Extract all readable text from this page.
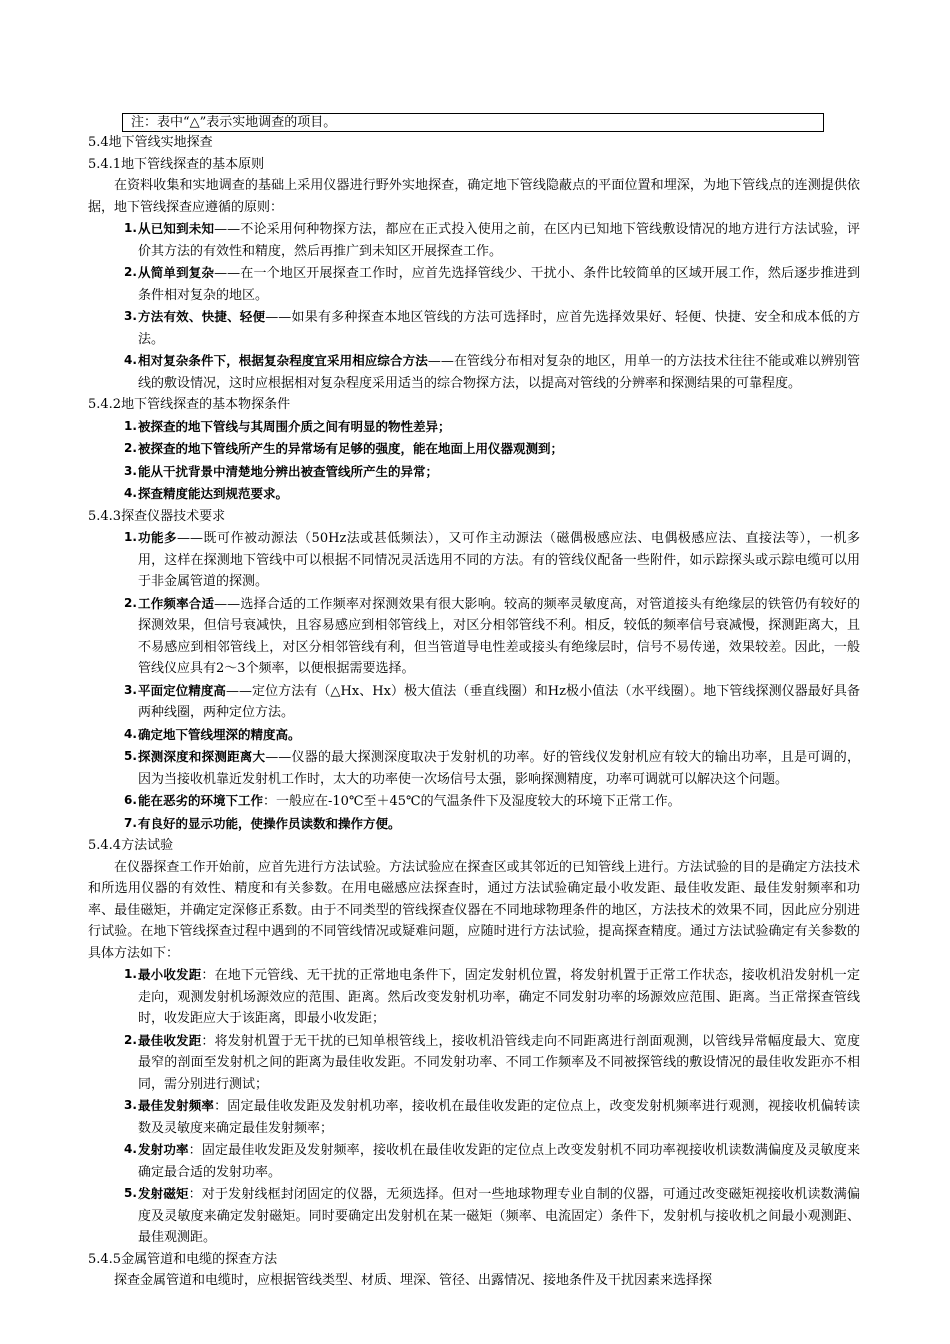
注：表中“△”表示实地调查的项目。
5.4地下管线实地探查
5.4.1地下管线探查的基本原则
在资料收集和实地调查的基础上采用仪器进行野外实地探查，确定地下管线隐蔽点的平面位置和埋深，为地下管线点的连测提供依据，地下管线探查应遵循的原则：
1. 从已知到未知——不论采用何种物探方法，都应在正式投入使用之前，在区内已知地下管线敷设情况的地方进行方法试验，评价其方法的有效性和精度，然后再推广到未知区开展探查工作。
2. 从简单到复杂——在一个地区开展探查工作时，应首先选择管线少、干扰小、条件比较简单的区域开展工作，然后逐步推进到条件相对复杂的地区。
3. 方法有效、快捷、轻便——如果有多种探查本地区管线的方法可选择时，应首先选择效果好、轻便、快捷、安全和成本低的方法。
4. 相对复杂条件下，根据复杂程度宜采用相应综合方法——在管线分布相对复杂的地区，用单一的方法技术往往不能或难以辨别管线的敷设情况，这时应根据相对复杂程度采用适当的综合物探方法，以提高对管线的分辨率和探测结果的可靠程度。
5.4.2地下管线探查的基本物探条件
1. 被探查的地下管线与其周围介质之间有明显的物性差异；
2. 被探查的地下管线所产生的异常场有足够的强度，能在地面上用仪器观测到；
3. 能从干扰背景中清楚地分辨出被查管线所产生的异常；
4. 探查精度能达到规范要求。
5.4.3探查仪器技术要求
1. 功能多——既可作被动源法（50Hz法或甚低频法），又可作主动源法（磁偶极感应法、电偶极感应法、直接法等），一机多用，这样在探测地下管线中可以根据不同情况灵活选用不同的方法。有的管线仪配备一些附件，如示踪探头或示踪电缆可以用于非金属管道的探测。
2. 工作频率合适——选择合适的工作频率对探测效果有很大影响。较高的频率灵敏度高，对管道接头有绝缘层的铁管仍有较好的探测效果，但信号衰减快，且容易感应到相邻管线上，对区分相邻管线不利。相反，较低的频率信号衰减慢，探测距离大，且不易感应到相邻管线上，对区分相邻管线有利，但当管道导电性差或接头有绝缘层时，信号不易传递，效果较差。因此，一般管线仪应具有2～3个频率，以便根据需要选择。
3. 平面定位精度高——定位方法有（△Hx、Hx）极大值法（垂直线圈）和Hz极小值法（水平线圈）。地下管线探测仪器最好具备两种线圈，两种定位方法。
4. 确定地下管线埋深的精度高。
5. 探测深度和探测距离大——仪器的最大探测深度取决于发射机的功率。好的管线仪发射机应有较大的输出功率，且是可调的，因为当接收机靠近发射机工作时，太大的功率使一次场信号太强，影响探测精度，功率可调就可以解决这个问题。
6. 能在恶劣的环境下工作：一般应在-10℃至＋45℃的气温条件下及湿度较大的环境下正常工作。
7. 有良好的显示功能，使操作员读数和操作方便。
5.4.4方法试验
在仪器探查工作开始前，应首先进行方法试验。方法试验应在探查区或其邻近的已知管线上进行。方法试验的目的是确定方法技术和所选用仪器的有效性、精度和有关参数。在用电磁感应法探查时，通过方法试验确定最小收发距、最佳收发距、最佳发射频率和功率、最佳磁矩，并确定定深修正系数。由于不同类型的管线探查仪器在不同地球物理条件的地区，方法技术的效果不同，因此应分别进行试验。在地下管线探查过程中遇到的不同管线情况或疑难问题，应随时进行方法试验，提高探查精度。通过方法试验确定有关参数的具体方法如下：
1. 最小收发距：在地下元管线、无干扰的正常地电条件下，固定发射机位置，将发射机置于正常工作状态，接收机沿发射机一定走向，观测发射机场源效应的范围、距离。然后改变发射机功率，确定不同发射功率的场源效应范围、距离。当正常探查管线时，收发距应大于该距离，即最小收发距；
2. 最佳收发距：将发射机置于无干扰的已知单根管线上，接收机沿管线走向不同距离进行剖面观测，以管线异常幅度最大、宽度最窄的剖面至发射机之间的距离为最佳收发距。不同发射功率、不同工作频率及不同被探管线的敷设情况的最佳收发距亦不相同，需分别进行测试；
3. 最佳发射频率：固定最佳收发距及发射机功率，接收机在最佳收发距的定位点上，改变发射机频率进行观测，视接收机偏转读数及灵敏度来确定最佳发射频率；
4. 发射功率：固定最佳收发距及发射频率，接收机在最佳收发距的定位点上改变发射机不同功率视接收机读数满偏度及灵敏度来确定最合适的发射功率。
5. 发射磁矩：对于发射线框封闭固定的仪器，无须选择。但对一些地球物理专业自制的仪器，可通过改变磁矩视接收机读数满偏度及灵敏度来确定发射磁矩。同时要确定出发射机在某一磁矩（频率、电流固定）条件下，发射机与接收机之间最小观测距、最佳观测距。
5.4.5金属管道和电缆的探查方法
探查金属管道和电缆时，应根据管线类型、材质、埋深、管径、出露情况、接地条件及干扰因素来选择探
